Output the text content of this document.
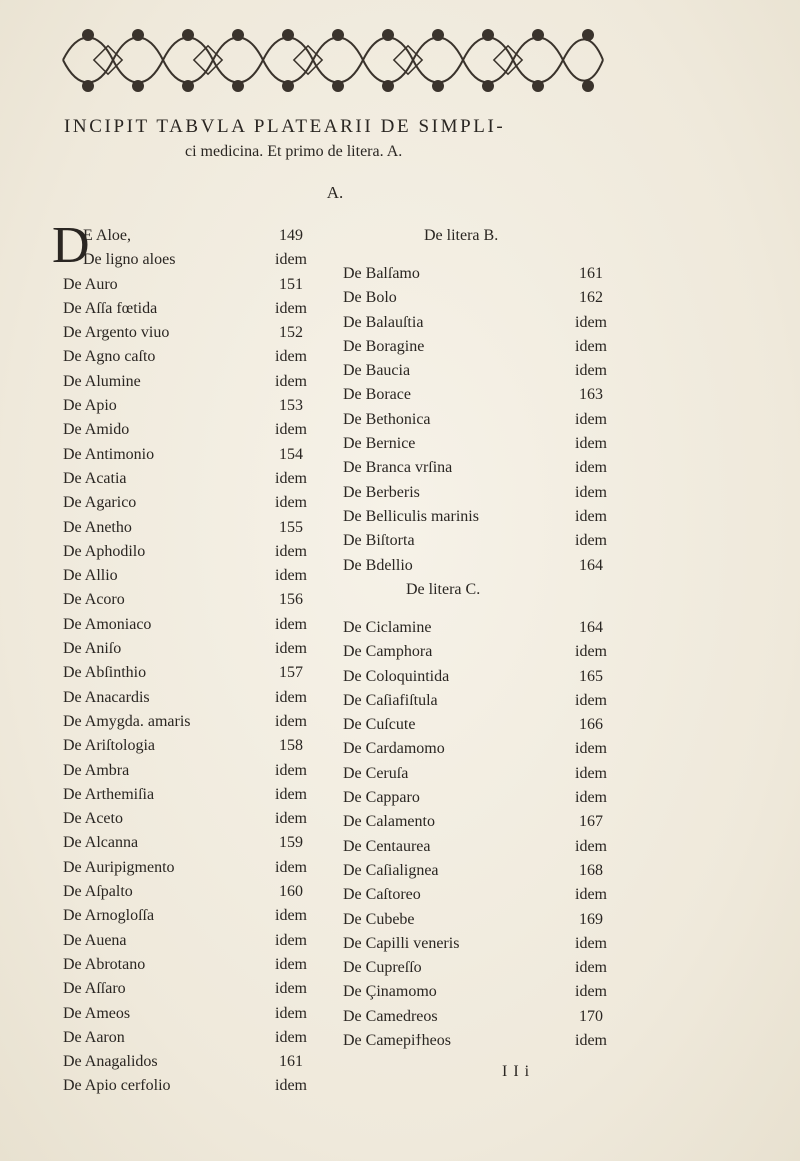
INCIPIT TABVLA PLATEARII DE SIMPLI-
ci medicina. Et primo de litera. A.
A.
D
E Aloe,
De ligno aloes
De Auro
De Aſſa fœtida
De Argento viuo
De Agno caſto
De Alumine
De Apio
De Amido
De Antimonio
De Acatia
De Agarico
De Anetho
De Aphodilo
De Allio
De Acoro
De Amoniaco
De Aniſo
De Abſinthio
De Anacardis
De Amygda. amaris
De Ariſtologia
De Ambra
De Arthemiſia
De Aceto
De Alcanna
De Auripigmento
De Aſpalto
De Arnogloſſa
De Auena
De Abrotano
De Aſſaro
De Ameos
De Aaron
De Anagalidos
De Apio cerfolio
149
idem
151
idem
152
idem
idem
153
idem
154
idem
idem
155
idem
idem
156
idem
idem
157
idem
idem
158
idem
idem
idem
159
idem
160
idem
idem
idem
idem
idem
idem
161
idem
De litera B.
De Balſamo
De Bolo
De Balauſtia
De Boragine
De Baucia
De Borace
De Bethonica
De Bernice
De Branca vrſina
De Berberis
De Belliculis marinis
De Biſtorta
De Bdellio
161
162
idem
idem
idem
163
idem
idem
idem
idem
idem
idem
164
De litera C.
De Ciclamine
De Camphora
De Coloquintida
De Caſiafiſtula
De Cuſcute
De Cardamomo
De Ceruſa
De Capparo
De Calamento
De Centaurea
De Caſialignea
De Caſtoreo
De Cubebe
De Capilli veneris
De Cupreſſo
De Çinamomo
De Camedreos
De Camepiϯheos
164
idem
165
idem
166
idem
idem
idem
167
idem
168
idem
169
idem
idem
idem
170
idem
I I i
